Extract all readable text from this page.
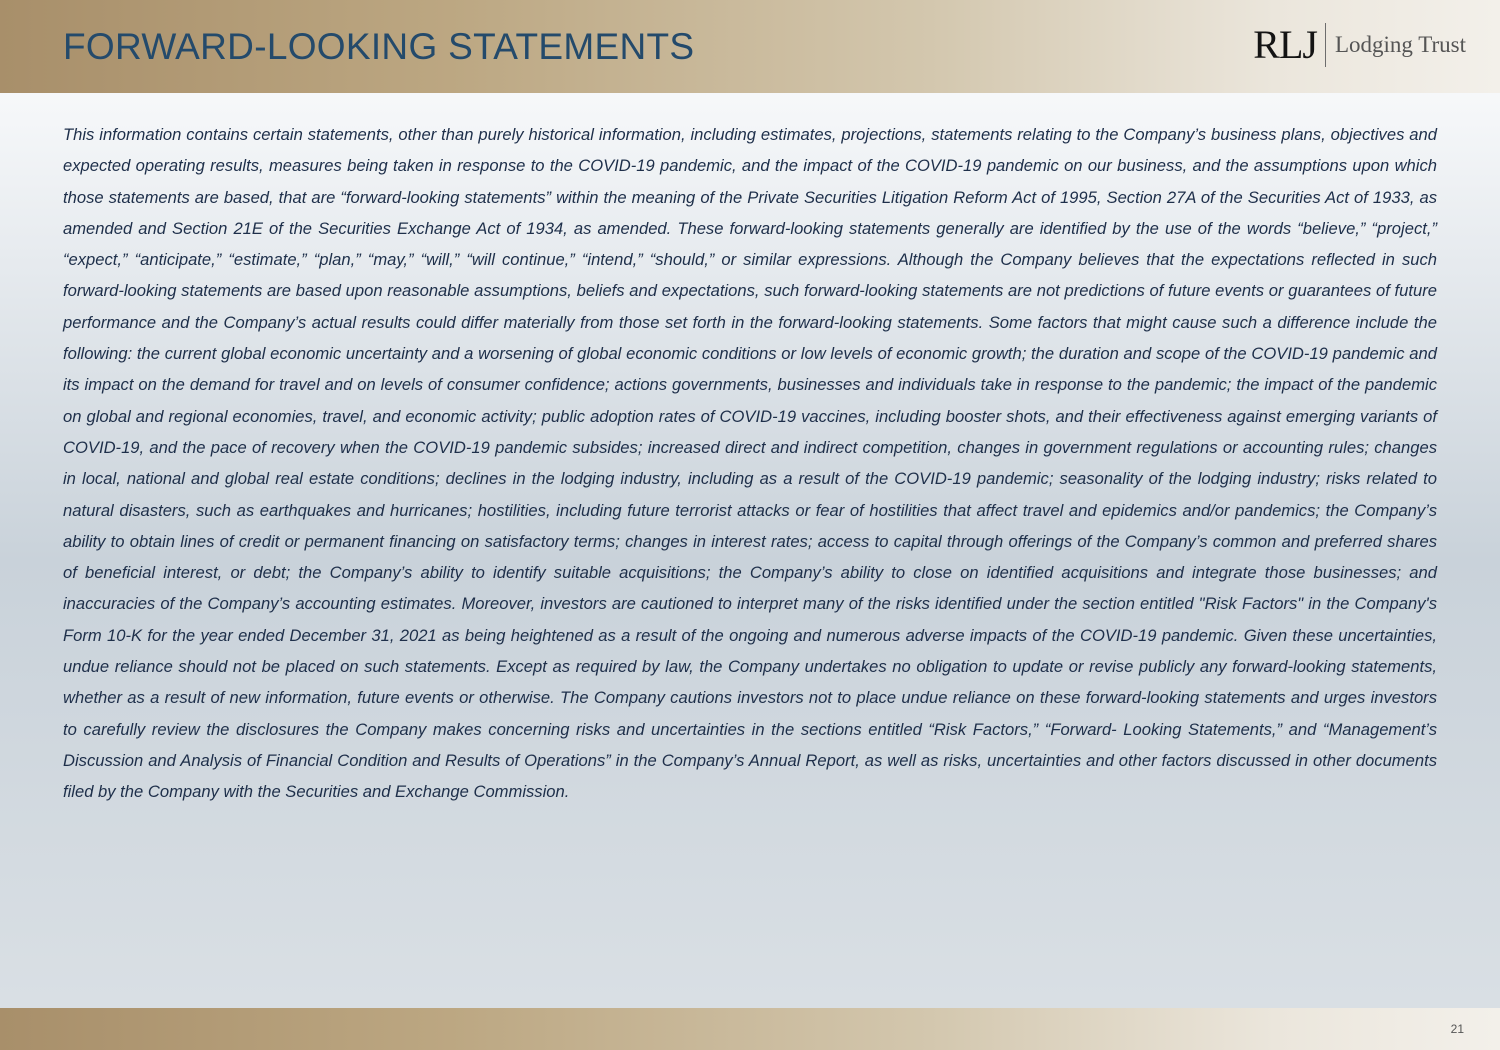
FORWARD-LOOKING STATEMENTS	RLJ Lodging Trust

This information contains certain statements, other than purely historical information, including estimates, projections, statements relating to the Company’s business plans, objectives and expected operating results, measures being taken in response to the COVID-19 pandemic, and the impact of the COVID-19 pandemic on our business, and the assumptions upon which those statements are based, that are “forward-looking statements” within the meaning of the Private Securities Litigation Reform Act of 1995, Section 27A of the Securities Act of 1933, as amended and Section 21E of the Securities Exchange Act of 1934, as amended. These forward-looking statements generally are identified by the use of the words “believe,” “project,” “expect,” “anticipate,” “estimate,” “plan,” “may,” “will,” “will continue,” “intend,” “should,” or similar expressions. Although the Company believes that the expectations reflected in such forward-looking statements are based upon reasonable assumptions, beliefs and expectations, such forward-looking statements are not predictions of future events or guarantees of future performance and the Company’s actual results could differ materially from those set forth in the forward-looking statements. Some factors that might cause such a difference include the following: the current global economic uncertainty and a worsening of global economic conditions or low levels of economic growth; the duration and scope of the COVID-19 pandemic and its impact on the demand for travel and on levels of consumer confidence; actions governments, businesses and individuals take in response to the pandemic; the impact of the pandemic on global and regional economies, travel, and economic activity; public adoption rates of COVID-19 vaccines, including booster shots, and their effectiveness against emerging variants of COVID-19, and the pace of recovery when the COVID-19 pandemic subsides; increased direct and indirect competition, changes in government regulations or accounting rules; changes in local, national and global real estate conditions; declines in the lodging industry, including as a result of the COVID-19 pandemic; seasonality of the lodging industry; risks related to natural disasters, such as earthquakes and hurricanes; hostilities, including future terrorist attacks or fear of hostilities that affect travel and epidemics and/or pandemics; the Company’s ability to obtain lines of credit or permanent financing on satisfactory terms; changes in interest rates; access to capital through offerings of the Company’s common and preferred shares of beneficial interest, or debt; the Company’s ability to identify suitable acquisitions; the Company’s ability to close on identified acquisitions and integrate those businesses; and inaccuracies of the Company’s accounting estimates. Moreover, investors are cautioned to interpret many of the risks identified under the section entitled "Risk Factors" in the Company's Form 10-K for the year ended December 31, 2021 as being heightened as a result of the ongoing and numerous adverse impacts of the COVID-19 pandemic. Given these uncertainties, undue reliance should not be placed on such statements. Except as required by law, the Company undertakes no obligation to update or revise publicly any forward-looking statements, whether as a result of new information, future events or otherwise. The Company cautions investors not to place undue reliance on these forward-looking statements and urges investors to carefully review the disclosures the Company makes concerning risks and uncertainties in the sections entitled “Risk Factors,” “Forward- Looking Statements,” and “Management’s Discussion and Analysis of Financial Condition and Results of Operations” in the Company’s Annual Report, as well as risks, uncertainties and other factors discussed in other documents filed by the Company with the Securities and Exchange Commission.

21
